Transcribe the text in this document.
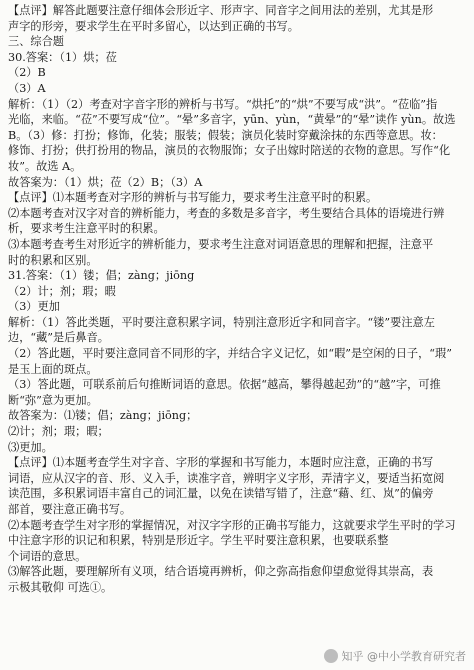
【点评】解答此题要注意仔细体会形近字、形声字、同音字之间用法的差别，尤其是形
声字的形旁，要求学生在平时多留心，以达到正确的书写。
三、综合题
30.答案：（1）烘；莅
（2）B
（3）A
解析：（1）（2）考查对字音字形的辨析与书写。“烘托”的“烘”不要写成“洪”。“莅临”指
光临，来临。“莅”不要写成“位”。“晕”多音字，yūn、yùn，“黄晕”的“晕”读作 yùn。故选
B。（3）修：打扮；修饰，化装；服装；假装；演员化装时穿戴涂抹的东西等意思。妆：
修饰、打扮；供打扮用的物品，演员的衣物服饰；女子出嫁时陪送的衣物的意思。写作“化
妆”。故选 A。
故答案为：（1）烘；莅（2）B；（3）A
【点评】⑴本题考查对字形的辨析与书写能力，要求考生注意平时的积累。
⑵本题考查对汉字对音的辨析能力，考查的多数是多音字，考生要结合具体的语境进行辨
析，要求考生注意平时的积累。
⑶本题考查考生对形近字的辨析能力，要求考生注意对词语意思的理解和把握，注意平
时的积累和区别。
31.答案：（1）镂；倡；zàng；jiōng
（2）计；剂；瑕；暇
（3）更加
解析：（1）答此类题，平时要注意积累字词，特别注意形近字和同音字。“镂”要注意左
边，“藏”是后鼻音。
（2）答此题，平时要注意同音不同形的字，并结合字义记忆，如“暇”是空闲的日子，“瑕”
是玉上面的斑点。
（3）答此题，可联系前后句推断词语的意思。依据“越高，攀得越起劲”的“越”字，可推
断“弥”意为更加。
故答案为：⑴镂；倡；zàng；jiōng；
⑵计；剂；瑕；暇；
⑶更加。
【点评】⑴本题考查学生对字音、字形的掌握和书写能力，本题时应注意，正确的书写
词语，应从汉字的音、形、义入手，读准字音，辨明字义字形，弄清字义，要适当拓宽阅
读范围，多积累词语丰富自己的词汇量，以免在读错写错了，注意“藉、红、岚”的偏旁
部首，要注意正确书写。
⑵本题考查学生对字形的掌握情况，对汉字字形的正确书写能力，这就要求学生平时的学习
中注意字形的识记和积累，特别是形近字。学生平时要注意积累，也要联系整
个词语的意思。
⑶解答此题，要理解所有义项，结合语境再辨析，仰之弥高指愈仰望愈觉得其崇高，表
示极其敬仰 可选①。
知乎 @中小学教育研究者
